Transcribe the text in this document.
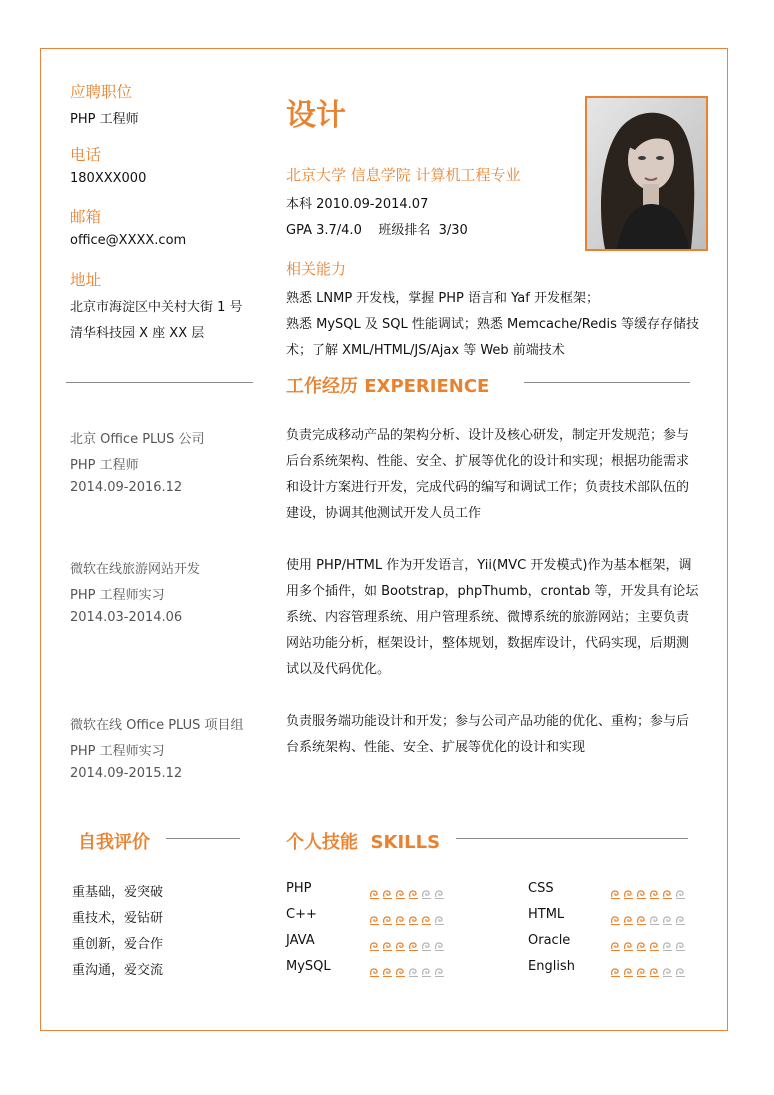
应聘职位
PHP 工程师
电话
180XXX000
邮箱
office@XXXX.com
地址
北京市海淀区中关村大街 1 号
清华科技园 X 座 XX 层
设计
北京大学 信息学院 计算机工程专业
本科 2010.09-2014.07
GPA 3.7/4.0    班级排名  3/30
相关能力
熟悉 LNMP 开发栈，掌握 PHP 语言和 Yaf 开发框架；
熟悉 MySQL 及 SQL 性能调试；熟悉 Memcache/Redis 等缓存存储技
术；了解 XML/HTML/JS/Ajax 等 Web 前端技术
工作经历 EXPERIENCE
北京 Office PLUS 公司
PHP 工程师
2014.09-2016.12
负责完成移动产品的架构分析、设计及核心研发，制定开发规范；参与
后台系统架构、性能、安全、扩展等优化的设计和实现；根据功能需求
和设计方案进行开发，完成代码的编写和调试工作；负责技术部队伍的
建设，协调其他测试开发人员工作
微软在线旅游网站开发
PHP 工程师实习
2014.03-2014.06
使用 PHP/HTML 作为开发语言，Yii(MVC 开发模式)作为基本框架，调
用多个插件，如 Bootstrap，phpThumb，crontab 等，开发具有论坛
系统、内容管理系统、用户管理系统、微博系统的旅游网站；主要负责
网站功能分析，框架设计，整体规划，数据库设计，代码实现，后期测
试以及代码优化。
微软在线 Office PLUS 项目组
PHP 工程师实习
2014.09-2015.12
负责服务端功能设计和开发；参与公司产品功能的优化、重构；参与后
台系统架构、性能、安全、扩展等优化的设计和实现
自我评价
重基础，爱突破
重技术，爱钻研
重创新，爱合作
重沟通，爱交流
个人技能  SKILLS
PHP
C++
JAVA
MySQL
CSS
HTML
Oracle
English
